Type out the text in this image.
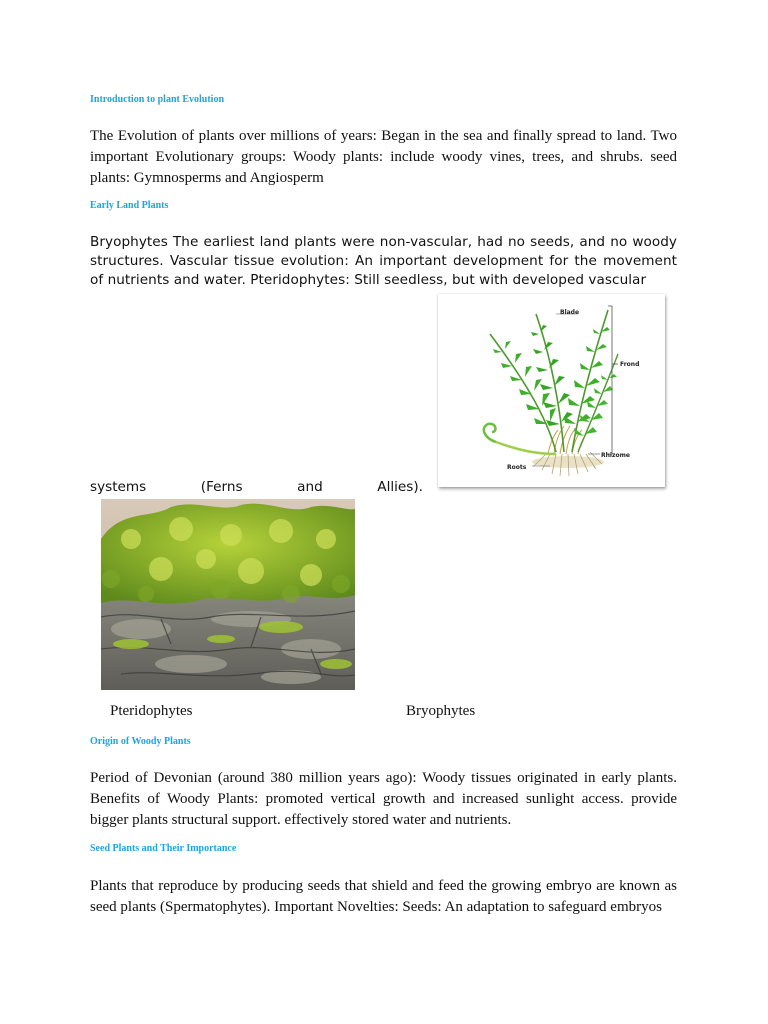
Introduction to plant Evolution

The Evolution of plants over millions of years: Began in the sea and finally spread to land. Two important Evolutionary groups: Woody plants: include woody vines, trees, and shrubs. seed plants: Gymnosperms and Angiosperm

Early Land Plants

Bryophytes The earliest land plants were non-vascular, had no seeds, and no woody structures. Vascular tissue evolution: An important development for the movement of nutrients and water. Pteridophytes: Still seedless, but with developed vascular

systems	(Ferns	and	Allies).
Blade
Frond
Rhizome
Roots
Pteridophytes	Bryophytes
Origin of Woody Plants

Period of Devonian (around 380 million years ago): Woody tissues originated in early plants. Benefits of Woody Plants: promoted vertical growth and increased sunlight access. provide bigger plants structural support. effectively stored water and nutrients.

Seed Plants and Their Importance

Plants that reproduce by producing seeds that shield and feed the growing embryo are known as seed plants (Spermatophytes). Important Novelties: Seeds: An adaptation to safeguard embryos
